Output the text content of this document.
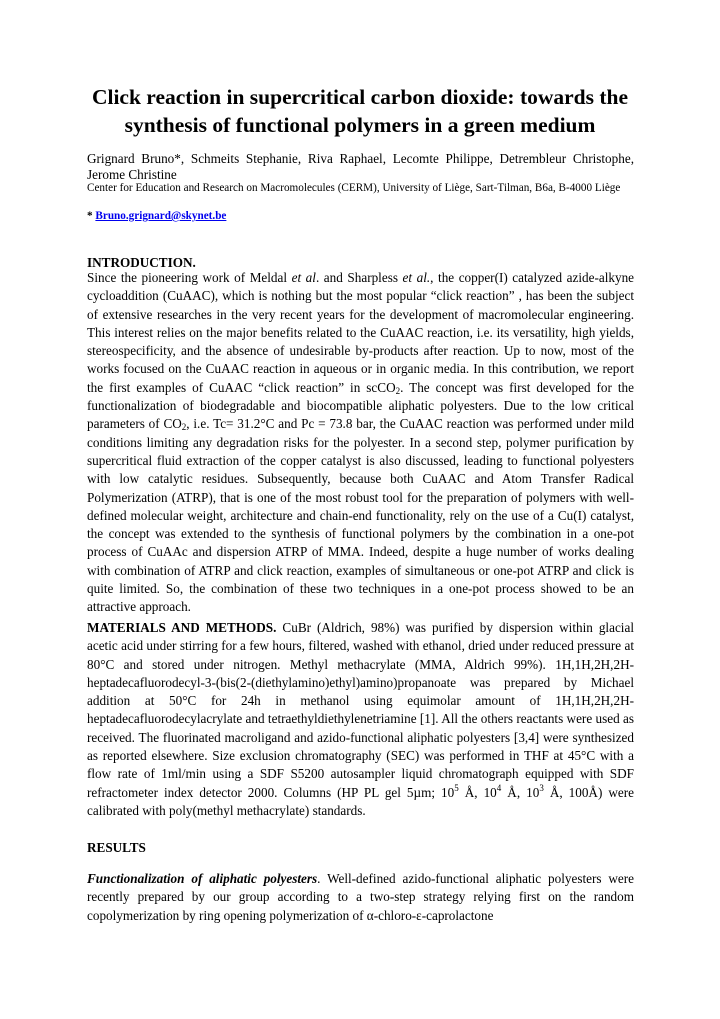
Click reaction in supercritical carbon dioxide: towards the synthesis of functional polymers in a green medium

Grignard Bruno*, Schmeits Stephanie, Riva Raphael, Lecomte Philippe, Detrembleur Christophe, Jerome Christine

Center for Education and Research on Macromolecules (CERM), University of Liège, Sart-Tilman, B6a, B-4000 Liège

* Bruno.grignard@skynet.be

INTRODUCTION.

Since the pioneering work of Meldal et al. and Sharpless et al., the copper(I) catalyzed azide-alkyne cycloaddition (CuAAC), which is nothing but the most popular “click reaction” , has been the subject of extensive researches in the very recent years for the development of macromolecular engineering. This interest relies on the major benefits related to the CuAAC reaction, i.e. its versatility, high yields, stereospecificity, and the absence of undesirable by-products after reaction. Up to now, most of the works focused on the CuAAC reaction in aqueous or in organic media. In this contribution, we report the first examples of CuAAC “click reaction” in scCO$_2$. The concept was first developed for the functionalization of biodegradable and biocompatible aliphatic polyesters. Due to the low critical parameters of $CO_2$, i.e. Tc= 31.2°C and Pc = 73.8 bar, the CuAAC reaction was performed under mild conditions limiting any degradation risks for the polyester. In a second step, polymer purification by supercritical fluid extraction of the copper catalyst is also discussed, leading to functional polyesters with low catalytic residues. Subsequently, because both CuAAC and Atom Transfer Radical Polymerization (ATRP), that is one of the most robust tool for the preparation of polymers with well-defined molecular weight, architecture and chain-end functionality, rely on the use of a Cu(I) catalyst, the concept was extended to the synthesis of functional polymers by the combination in a one-pot process of CuAAc and dispersion ATRP of MMA. Indeed, despite a huge number of works dealing with combination of ATRP and click reaction, examples of simultaneous or one-pot ATRP and click is quite limited. So, the combination of these two techniques in a one-pot process showed to be an attractive approach.

MATERIALS AND METHODS. CuBr (Aldrich, 98%) was purified by dispersion within glacial acetic acid under stirring for a few hours, filtered, washed with ethanol, dried under reduced pressure at 80°C and stored under nitrogen. Methyl methacrylate (MMA, Aldrich 99%). 1H,1H,2H,2H-heptadecafluorodecyl-3-(bis(2-(diethylamino)ethyl)amino)propanoate was prepared by Michael addition at 50°C for 24h in methanol using equimolar amount of 1H,1H,2H,2H-heptadecafluorodecylacrylate and tetraethyldiethylenetriamine [1]. All the others reactants were used as received. The fluorinated macroligand and azido-functional aliphatic polyesters [3,4] were synthesized as reported elsewhere. Size exclusion chromatography (SEC) was performed in THF at 45°C with a flow rate of 1ml/min using a SDF S5200 autosampler liquid chromatograph equipped with SDF refractometer index detector 2000. Columns (HP PL gel 5µm; $10^5$ Å, $10^4$ Å, $10^3$ Å, 100Å) were calibrated with poly(methyl methacrylate) standards.

RESULTS

Functionalization of aliphatic polyesters. Well-defined azido-functional aliphatic polyesters were recently prepared by our group according to a two-step strategy relying first on the random copolymerization by ring opening polymerization of α-chloro-ε-caprolactone
